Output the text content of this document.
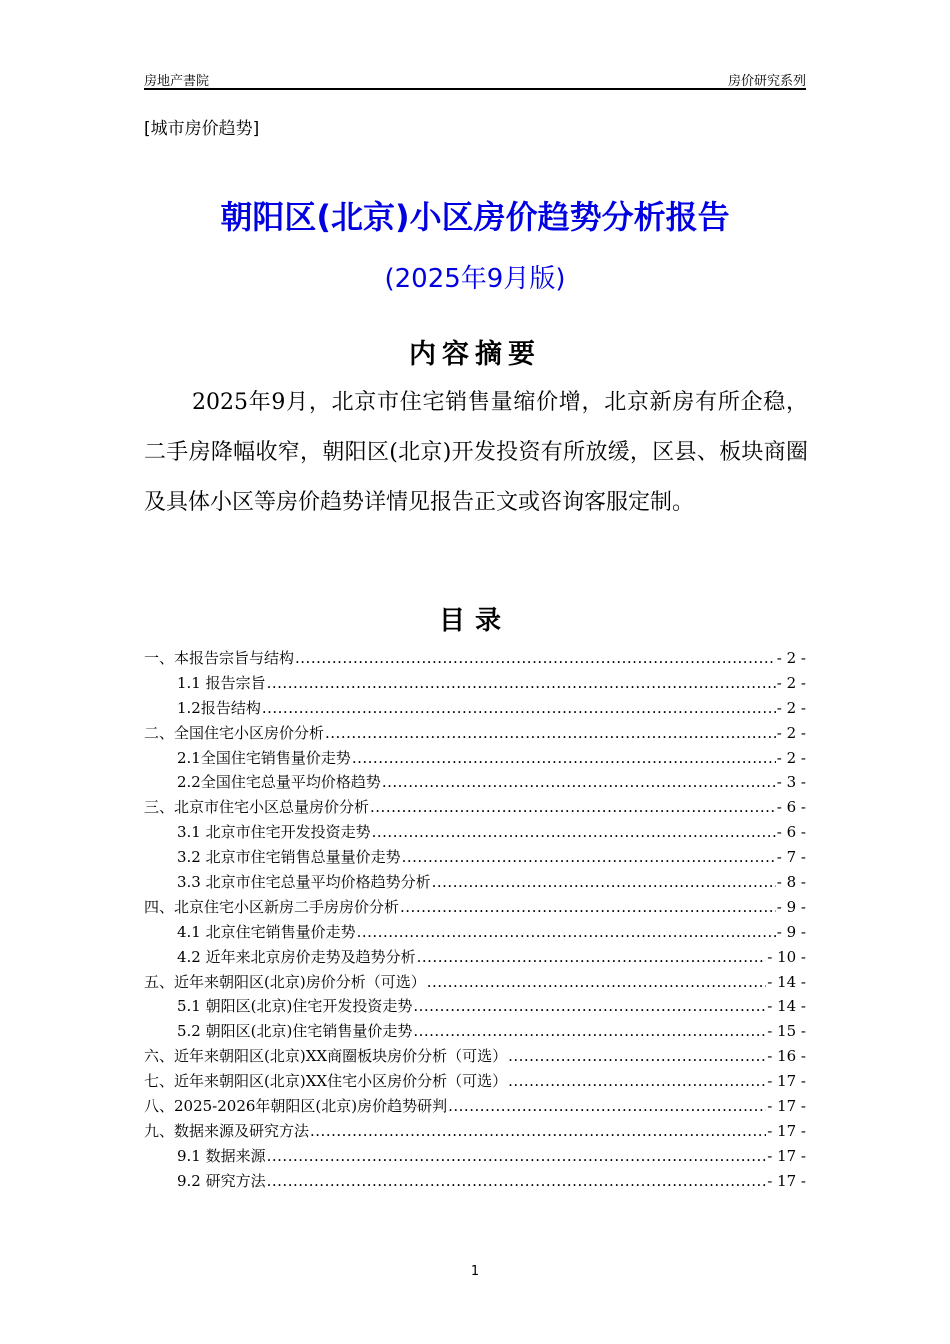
房地产書院	房价研究系列
[城市房价趋势]
朝阳区(北京)小区房价趋势分析报告
(2025年9月版)
内容摘要
2025年9月，北京市住宅销售量缩价增，北京新房有所企稳，二手房降幅收窄，朝阳区(北京)开发投资有所放缓，区县、板块商圈及具体小区等房价趋势详情见报告正文或咨询客服定制。
目录
一、本报告宗旨与结构 .....	- 2 -
1.1 报告宗旨 .....	- 2 -
1.2报告结构 .....	- 2 -
二、全国住宅小区房价分析 .....	- 2 -
2.1全国住宅销售量价走势 .....	- 2 -
2.2全国住宅总量平均价格趋势 .....	- 3 -
三、北京市住宅小区总量房价分析 .....	- 6 -
3.1 北京市住宅开发投资走势 .....	- 6 -
3.2 北京市住宅销售总量量价走势 .....	- 7 -
3.3 北京市住宅总量平均价格趋势分析 .....	- 8 -
四、北京住宅小区新房二手房房价分析 .....	- 9 -
4.1 北京住宅销售量价走势 .....	- 9 -
4.2 近年来北京房价走势及趋势分析 .....	- 10 -
五、近年来朝阳区(北京)房价分析（可选） .....	- 14 -
5.1 朝阳区(北京)住宅开发投资走势 .....	- 14 -
5.2 朝阳区(北京)住宅销售量价走势 .....	- 15 -
六、近年来朝阳区(北京)XX商圈板块房价分析（可选） .....	- 16 -
七、近年来朝阳区(北京)XX住宅小区房价分析（可选） .....	- 17 -
八、2025-2026年朝阳区(北京)房价趋势研判 .....	- 17 -
九、数据来源及研究方法 .....	- 17 -
9.1 数据来源 .....	- 17 -
9.2 研究方法 .....	- 17 -
1
